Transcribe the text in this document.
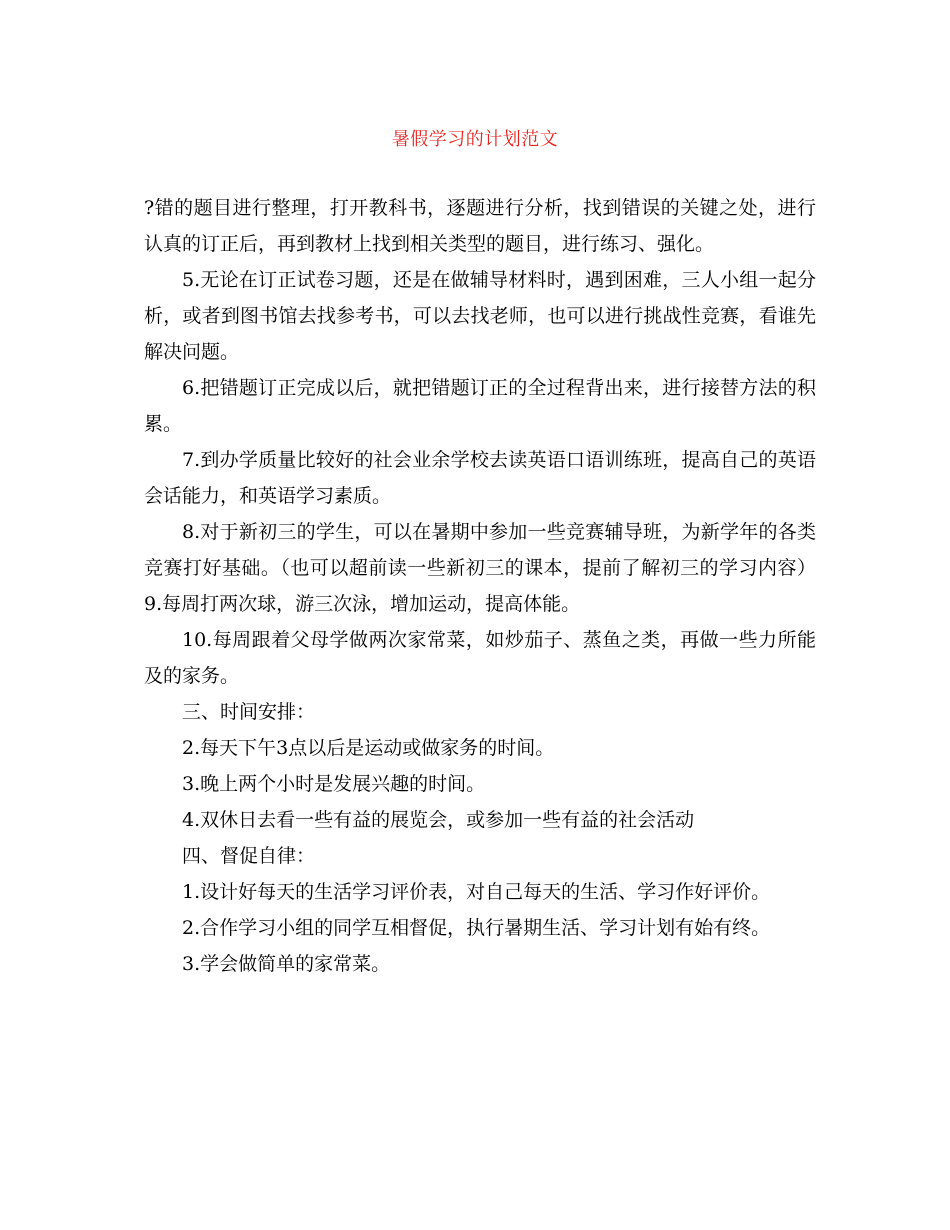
暑假学习的计划范文

?错的题目进行整理，打开教科书，逐题进行分析，找到错误的关键之处，进行认真的订正后，再到教材上找到相关类型的题目，进行练习、强化。

5.无论在订正试卷习题，还是在做辅导材料时，遇到困难，三人小组一起分析，或者到图书馆去找参考书，可以去找老师，也可以进行挑战性竞赛，看谁先解决问题。

6.把错题订正完成以后，就把错题订正的全过程背出来，进行接替方法的积累。

7.到办学质量比较好的社会业余学校去读英语口语训练班，提高自己的英语会话能力，和英语学习素质。

8.对于新初三的学生，可以在暑期中参加一些竞赛辅导班，为新学年的各类竞赛打好基础。（也可以超前读一些新初三的课本，提前了解初三的学习内容）9.每周打两次球，游三次泳，增加运动，提高体能。

10.每周跟着父母学做两次家常菜，如炒茄子、蒸鱼之类，再做一些力所能及的家务。

三、时间安排：

2.每天下午3点以后是运动或做家务的时间。

3.晚上两个小时是发展兴趣的时间。

4.双休日去看一些有益的展览会，或参加一些有益的社会活动

四、督促自律：

1.设计好每天的生活学习评价表，对自己每天的生活、学习作好评价。

2.合作学习小组的同学互相督促，执行暑期生活、学习计划有始有终。

3.学会做简单的家常菜。
